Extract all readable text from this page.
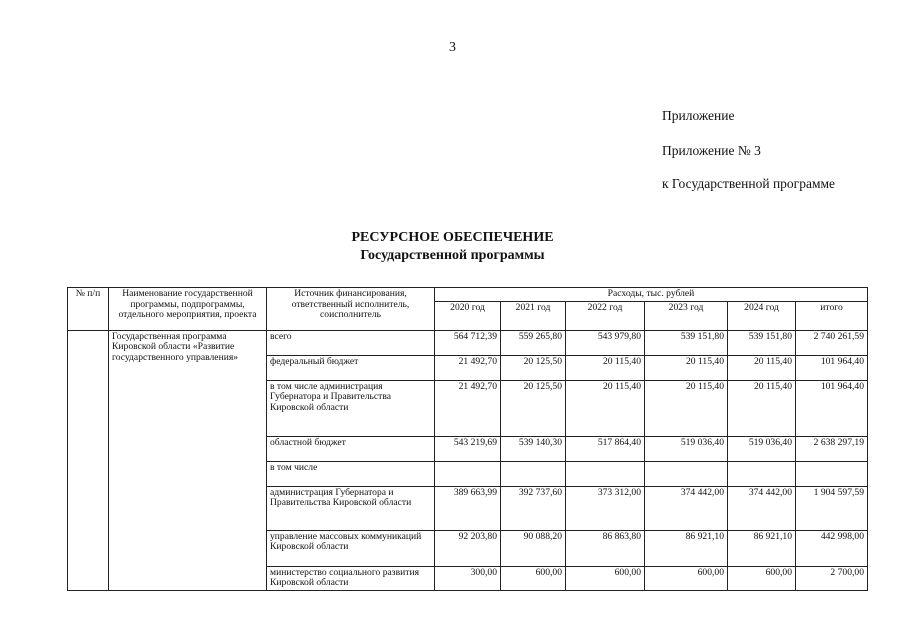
3
Приложение
Приложение № 3
к Государственной программе
РЕСУРСНОЕ ОБЕСПЕЧЕНИЕ
Государственной программы
№ п/п	Наименование государственной программы, подпрограммы, отдельного мероприятия, проекта	Источник финансирования, ответственный исполнитель, соисполнитель	Расходы, тыс. рублей					
			2020 год	2021 год	2022 год	2023 год	2024 год	итого
	Государственная программа Кировской области «Развитие государственного управления»	всего	564 712,39	559 265,80	543 979,80	539 151,80	539 151,80	2 740 261,59
		федеральный бюджет	21 492,70	20 125,50	20 115,40	20 115,40	20 115,40	101 964,40
		в том числе администрация Губернатора и Правительства Кировской области	21 492,70	20 125,50	20 115,40	20 115,40	20 115,40	101 964,40
		областной бюджет	543 219,69	539 140,30	517 864,40	519 036,40	519 036,40	2 638 297,19
		в том числе						
		администрация Губернатора и Правительства Кировской области	389 663,99	392 737,60	373 312,00	374 442,00	374 442,00	1 904 597,59
		управление массовых коммуникаций Кировской области	92 203,80	90 088,20	86 863,80	86 921,10	86 921,10	442 998,00
		министерство социального развития Кировской области	300,00	600,00	600,00	600,00	600,00	2 700,00
